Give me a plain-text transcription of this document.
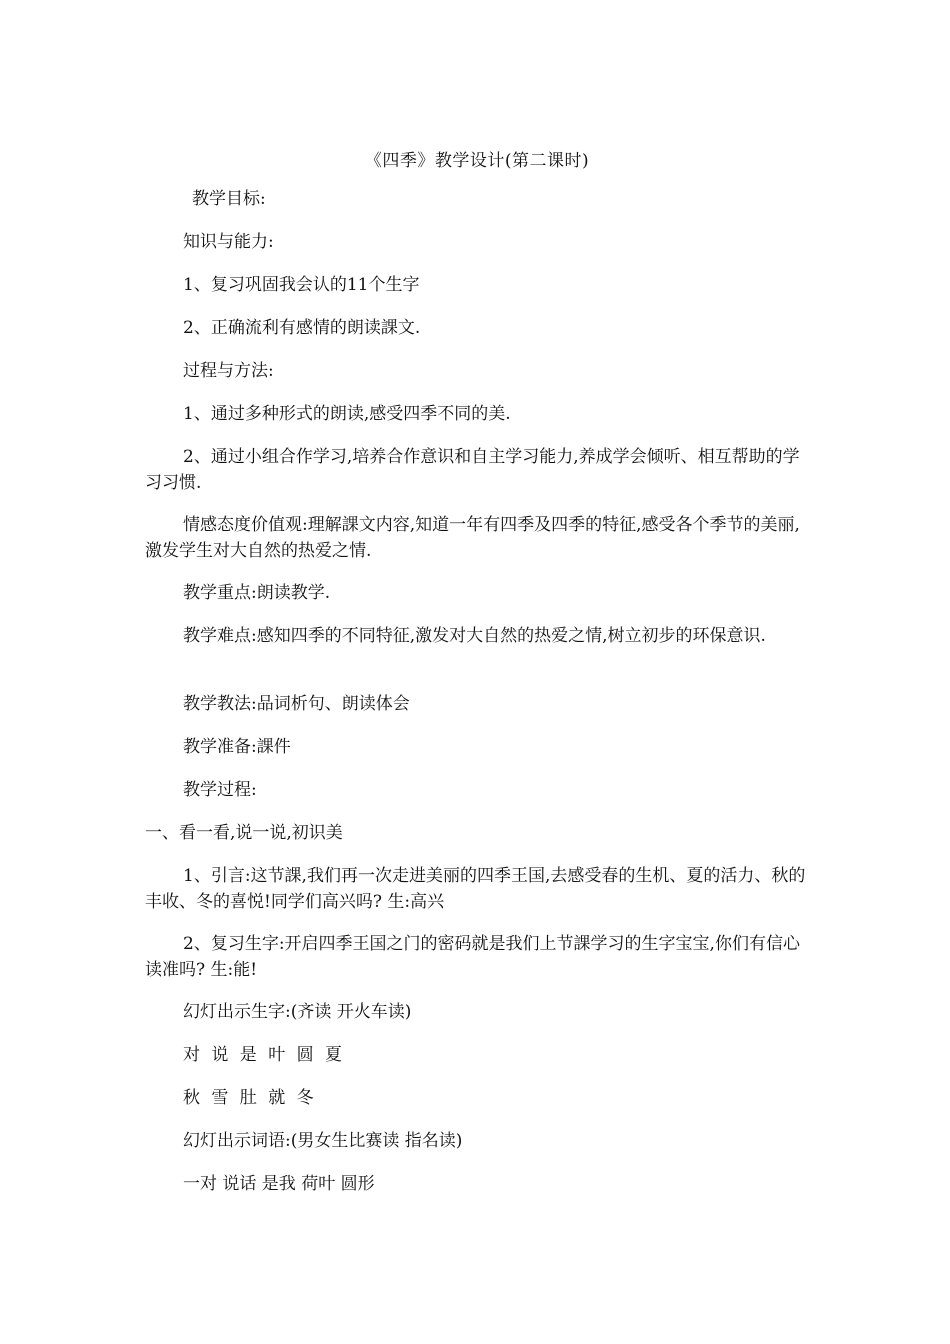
《四季》教学设计(第二课时)

教学目标:

知识与能力:

1、复习巩固我会认的11个生字

2、正确流利有感情的朗读課文.

过程与方法:

1、通过多种形式的朗读,感受四季不同的美.

2、通过小组合作学习,培养合作意识和自主学习能力,养成学会倾听、相互帮助的学习习惯.

情感态度价值观:理解課文内容,知道一年有四季及四季的特征,感受各个季节的美丽,激发学生对大自然的热爱之情.

教学重点:朗读教学.

教学难点:感知四季的不同特征,激发对大自然的热爱之情,树立初步的环保意识.

教学教法:品词析句、朗读体会

教学准备:課件

教学过程:

一、看一看,说一说,初识美

1、引言:这节課,我们再一次走进美丽的四季王国,去感受春的生机、夏的活力、秋的丰收、冬的喜悦!同学们高兴吗? 生:高兴

2、复习生字:开启四季王国之门的密码就是我们上节課学习的生字宝宝,你们有信心读准吗? 生:能!

幻灯出示生字:(齐读 开火车读)

对 说 是 叶 圆 夏

秋 雪 肚 就 冬

幻灯出示词语:(男女生比赛读 指名读)

一对 说话 是我 荷叶 圆形
